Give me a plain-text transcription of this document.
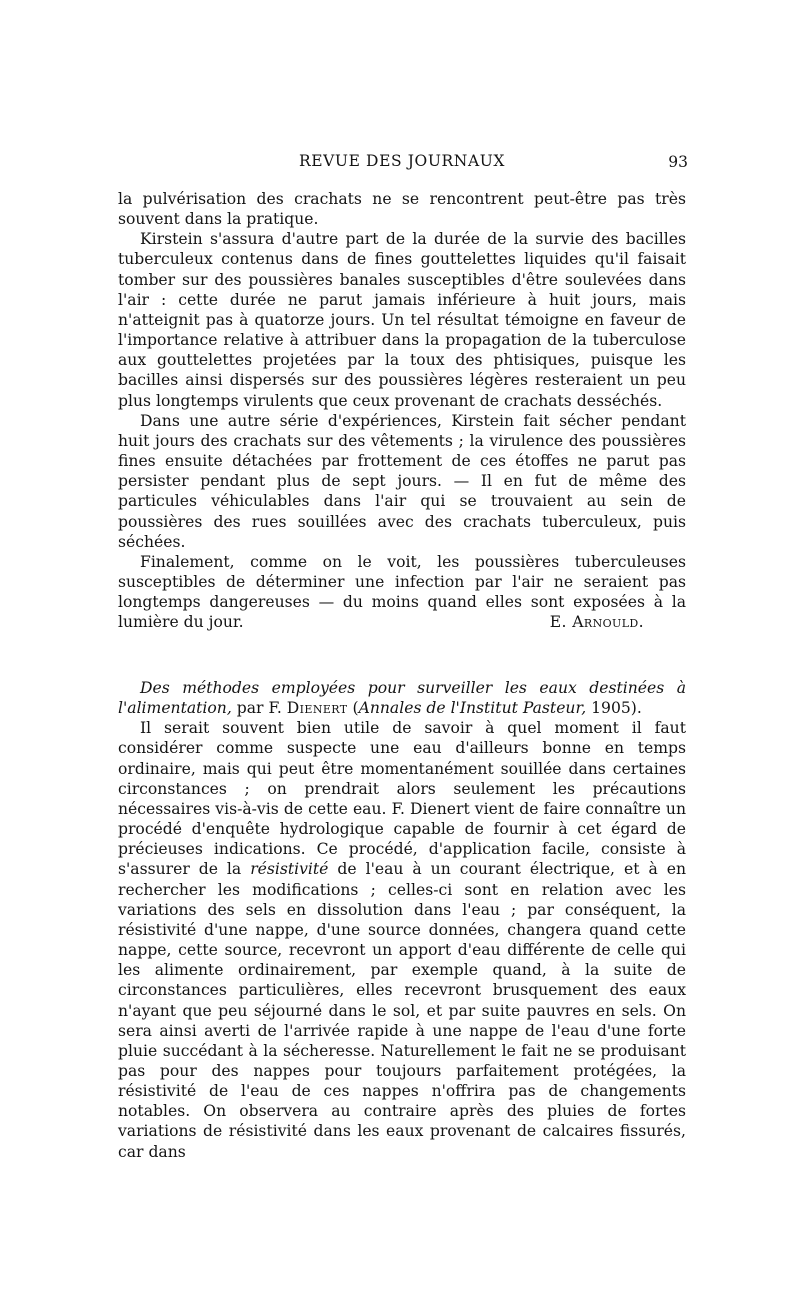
REVUE DES JOURNAUX	93

la pulvérisation des crachats ne se rencontrent peut-être pas très souvent dans la pratique.

Kirstein s'assura d'autre part de la durée de la survie des bacilles tuberculeux contenus dans de fines gouttelettes liquides qu'il faisait tomber sur des poussières banales susceptibles d'être soulevées dans l'air : cette durée ne parut jamais inférieure à huit jours, mais n'atteignit pas à quatorze jours. Un tel résultat témoigne en faveur de l'importance relative à attribuer dans la propagation de la tuberculose aux gouttelettes projetées par la toux des phtisiques, puisque les bacilles ainsi dispersés sur des poussières légères resteraient un peu plus longtemps virulents que ceux provenant de crachats desséchés.

Dans une autre série d'expériences, Kirstein fait sécher pendant huit jours des crachats sur des vêtements ; la virulence des poussières fines ensuite détachées par frottement de ces étoffes ne parut pas persister pendant plus de sept jours. — Il en fut de même des particules véhiculables dans l'air qui se trouvaient au sein de poussières des rues souillées avec des crachats tuberculeux, puis séchées.

Finalement, comme on le voit, les poussières tuberculeuses susceptibles de déterminer une infection par l'air ne seraient pas longtemps dangereuses — du moins quand elles sont exposées à la lumière du jour.	E. Arnould.

Des méthodes employées pour surveiller les eaux destinées à l'alimentation, par F. Dienert (Annales de l'Institut Pasteur, 1905).

Il serait souvent bien utile de savoir à quel moment il faut considérer comme suspecte une eau d'ailleurs bonne en temps ordinaire, mais qui peut être momentanément souillée dans certaines circonstances ; on prendrait alors seulement les précautions nécessaires vis-à-vis de cette eau. F. Dienert vient de faire connaître un procédé d'enquête hydrologique capable de fournir à cet égard de précieuses indications. Ce procédé, d'application facile, consiste à s'assurer de la résistivité de l'eau à un courant électrique, et à en rechercher les modifications ; celles-ci sont en relation avec les variations des sels en dissolution dans l'eau ; par conséquent, la résistivité d'une nappe, d'une source données, changera quand cette nappe, cette source, recevront un apport d'eau différente de celle qui les alimente ordinairement, par exemple quand, à la suite de circonstances particulières, elles recevront brusquement des eaux n'ayant que peu séjourné dans le sol, et par suite pauvres en sels. On sera ainsi averti de l'arrivée rapide à une nappe de l'eau d'une forte pluie succédant à la sécheresse. Naturellement le fait ne se produisant pas pour des nappes pour toujours parfaitement protégées, la résistivité de l'eau de ces nappes n'offrira pas de changements notables. On observera au contraire après des pluies de fortes variations de résistivité dans les eaux provenant de calcaires fissurés, car dans
